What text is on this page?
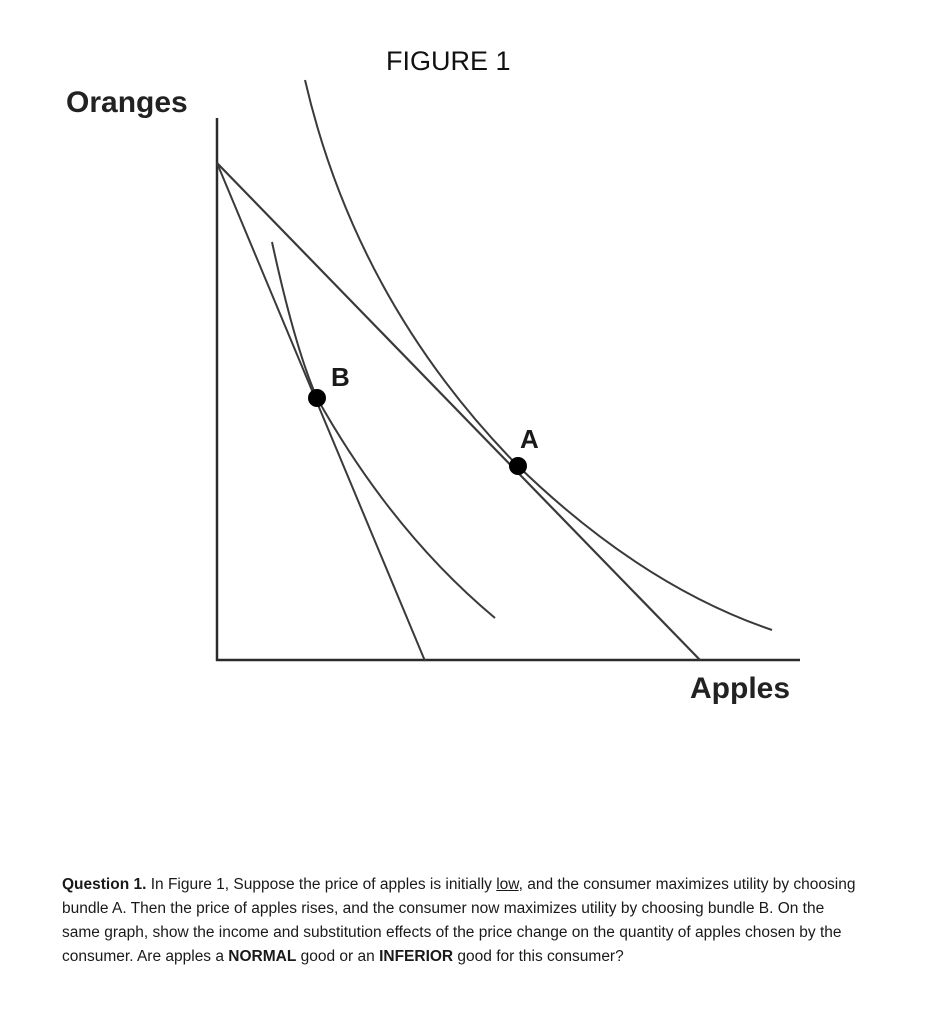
FIGURE 1
Oranges
Apples
A
B
Question 1. In Figure 1, Suppose the price of apples is initially low, and the consumer maximizes utility by choosing bundle A. Then the price of apples rises, and the consumer now maximizes utility by choosing bundle B. On the same graph, show the income and substitution effects of the price change on the quantity of apples chosen by the consumer. Are apples a NORMAL good or an INFERIOR good for this consumer?
